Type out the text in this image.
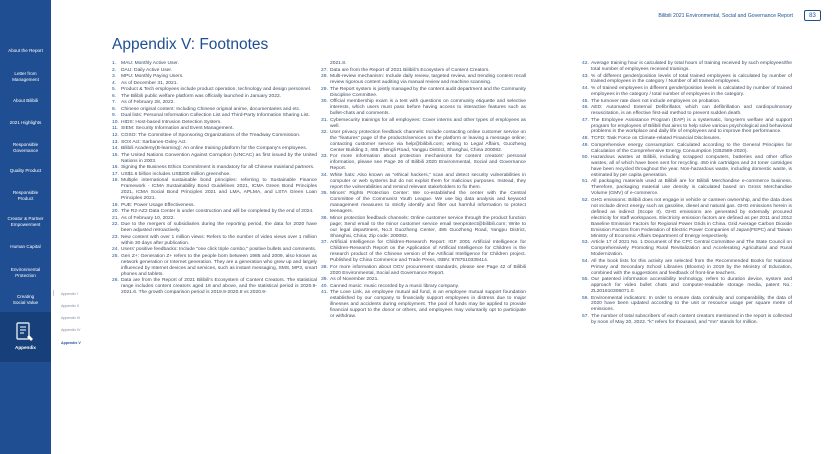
About the Report
Letter from Management
About Bilibili
2021 Highlights
Responsible Governance
Quality Product
Responsible Product
Creator & Partner Empowerment
Human Capital
Environmental Protection
Creating Social Value
Appendix
Appendix I
Appendix II
Appendix III
Appendix IV
Appendix V
Bilibili 2021 Environmental, Social and Governance Report	83
Appendix V: Footnotes
1. MAU: Monthly Active User.
2. DAU: Daily Active User.
3. MPU: Monthly Paying Users.
4. As of December 31, 2021.
5. Product & Tech employees include product operation, technology and design personnel.
6. The Bilibili public welfare platform was officially launched in January 2022.
7. As of February 28, 2022.
8. Chinese original content: Including Chinese original anime, documentaries and etc.
9. Dual lists: Personal Information Collection List and Third-Party Information Sharing List.
10. HIDS: Host-based Intrusion Detection System.
11. SIEM: Security Information and Event Management.
12. COSO: The Committee of Sponsoring Organizations of the Treadway Commission.
13. SOX Act: Sarbanes-Oxley Act.
14. Bilibili Academy(B-learning): An online training platform for the Company's employees.
15. The United Nations Convention Against Corruption (UNCAC) as first issued by the United Nations in 2003.
16. Signing the Business Ethics Commitment is mandatory for all Chinese mainland partners.
17. US$1.6 billion includes US$200 million greenshoe.
18. Multiple international sustainable bond principles: referring to Sustainable Finance Framework - ICMA Sustainability Bond Guidelines 2021, ICMA Green Bond Principles 2021, ICMA Social Bond Principles 2021 and LMA, APLMA, and LSTA Green Loan Principles 2021.
19. PUE: Power Usage Effectiveness.
20. The R2-AZ2 Data Center is under construction and will be completed by the end of 2024.
21. As of February 10, 2022.
22. Due to the mergers of subsidiaries during the reporting period, the data for 2020 have been adjusted retroactively.
23. New content with over 1 million views: Refers to the number of video views over 1 million within 30 days after publication.
24. Users' positive feedbacks: Include "one click triple combo," positive bullets and comments.
25. Gen Z+: Generation Z+ refers to the people born between 1985 and 2009, also known as network generation or Internet generation. They are a generation who grew up and largely influenced by Internet devices and services, such as instant messaging, SMS, MP3, smart phones and tablets.
26. Data are from the Report of 2021 Bilibili's Ecosystem of Content Creators. The statistical range includes content creators aged 18 and above, and the statistical period is 2020.9-2021.6. The growth comparison period is 2019.9-2020.8 vs 2020.9-
2021.8.
27. Data are from the Report of 2021 Bilibili's Ecosystem of Content Creators.
28. Multi-review mechanism: Include daily review, targeted review, and trending content recall review rigorous content auditing via manual review and machine scanning.
29. The Report system is jointly managed by the content audit department and the Community Discipline Committee.
30. Official membership exam is a test with questions on community etiquette and selective interests, which users must pass before having access to interactive features such as bullet-chats and comments.
31. Cybersecurity trainings for all employees: Cover interns and other types of employees as well.
32. User privacy protection feedback channels: Include contacting online customer service on the "features" page of the products/services on the platform or leaving a message online; contacting customer service via help@bilibili.com; writing to Legal Affairs, Guozheng Center Building 3, 485 Zhengli Road, Yangpu District, Shanghai, China 200082.
33. For more information about protection mechanisms for content creators' personal information, please see Page 26 of Bilibili 2020 Environmental, Social and Governance Report.
34. White hats: Also known as "ethical hackers," scan and detect security vulnerabilities in computer or web systems but do not exploit them for malicious purposes. Instead, they report the vulnerabilities and remind relevant stakeholders to fix them.
35. Minors' Rights Protection Center: We co-established the center with the Central Committee of the Communist Youth League. We use big data analysis and keyword management measures to strictly identify and filter out harmful information to protect teenagers.
36. Minor protection feedback channels: Online customer service through the product function page; Send email to the minor customer service email teenprotect@bilibili.com; Write to our legal department, No.3 Guozheng Center, 485 Guozheng Road, Yangpu District, Shanghai, China; Zip code: 200082.
37. Artificial Intelligence for Children-Research Report: IGF 2001 Artificial Intelligence for Children-Research Report on the Application of Artificial Intelligence for Children is the research product of the Chinese version of the Artificial Intelligence for Children project. Published by China Commerce and Trade Press, ISBN: 9787510339414.
38. For more information about OGV procurement standards, please see Page 42 of Bilibili 2020 Environmental, Social and Governance Report.
39. As of November 2021.
40. Canned music: music recorded by a music library company.
41. The Love Link, an employee mutual aid fund, is an employee mutual support foundation established by our company to financially support employees in distress due to major illnesses and accidents during employment. The pool of funds may be applied to provide financial support to the donor or others, and employees may voluntarily opt to participate or withdraw.
42. Average training hour is calculated by total hours of training received by such employees/the total number of employees received trainings.
43. % of different gender/position levels of total trained employees is calculated by number of trained employees in the category / Number of all trained employees.
44. % of trained employees in different gender/position levels is calculated by number of trained employees in the category / total number of employees in the category.
45. The turnover rate does not include employees on probation.
46. AED: Automated External Defibrillator, which can defibrillation and cardiopulmonary resuscitation, is an effective first-aid method to prevent sudden death.
47. The Employee Assistance Program (EAP) is a systematic, long-term welfare and support program for employees of Bilibili that aims to help solve various psychological and behavioral problems in the workplace and daily life of employees and to improve their performance.
48. TCFD: Task Force on Climate-related Financial Disclosures.
49. Comprehensive energy consumption: Calculated according to the General Principles for Calculation of the Comprehensive Energy Consumption (GB2589-2020).
50. Hazardous wastes at Bilibili, including scrapped computers, batteries and other office wastes, all of which have been sent for recycling. 450 ink cartridges and 24 toner cartridges have been recycled throughout the year. Non-hazardous waste, including domestic waste, is estimated by per capita generation.
51. All packaging materials used at Bilibili are for Bilibili Merchandise e-commerce business. Therefore, packaging material use density is calculated based on Gross Merchandise Volume (GMV) of e-commerce.
52. GHG emissions: Bilibili does not engage in vehicle or canteen ownership, and the data does not include direct energy such as gasoline, diesel and natural gas. GHG emissions herein is defined as indirect (Scope II). GHG emissions are generated by externally procured electricity for staff workspaces. Electricity emission factors are defined as per 2011 and 2012 Baseline Emission Factors for Regional Power Grids in China. Grid Average Carbon Dioxide Emission Factors from Federation of Electric Power Companies of Japan(FEPC) and Taiwan Ministry of Economic Affairs Department of Energy respectively.
53. Article 17 of 2021 No. 1 Document of the CPC Central Committee and The State Council on Comprehensively Promoting Rural Revitalization and Accelerating Agricultural and Rural Modernization.
54. All the book lists for this activity are selected from the Recommended Books for National Primary and Secondary School Libraries (Blooms) in 2019 by the Ministry of Education, combined with the suggestions and feedback of front-line teachers.
55. Our patented information accessibility technology, refers to duration device, system and approach for video bullet chats and computer-readable storage media, patent No.: ZL201810305071.0.
56. Environmental indicators: In order to ensure data continuity and comparability, the data of 2020 have been updated according to the unit or resource usage per square metre of emissions.
57. The number of total subscribers of each content creators mentioned in the report is collected by noon of May 20, 2022. "k" refers for thousand, and "mn" stands for million.
